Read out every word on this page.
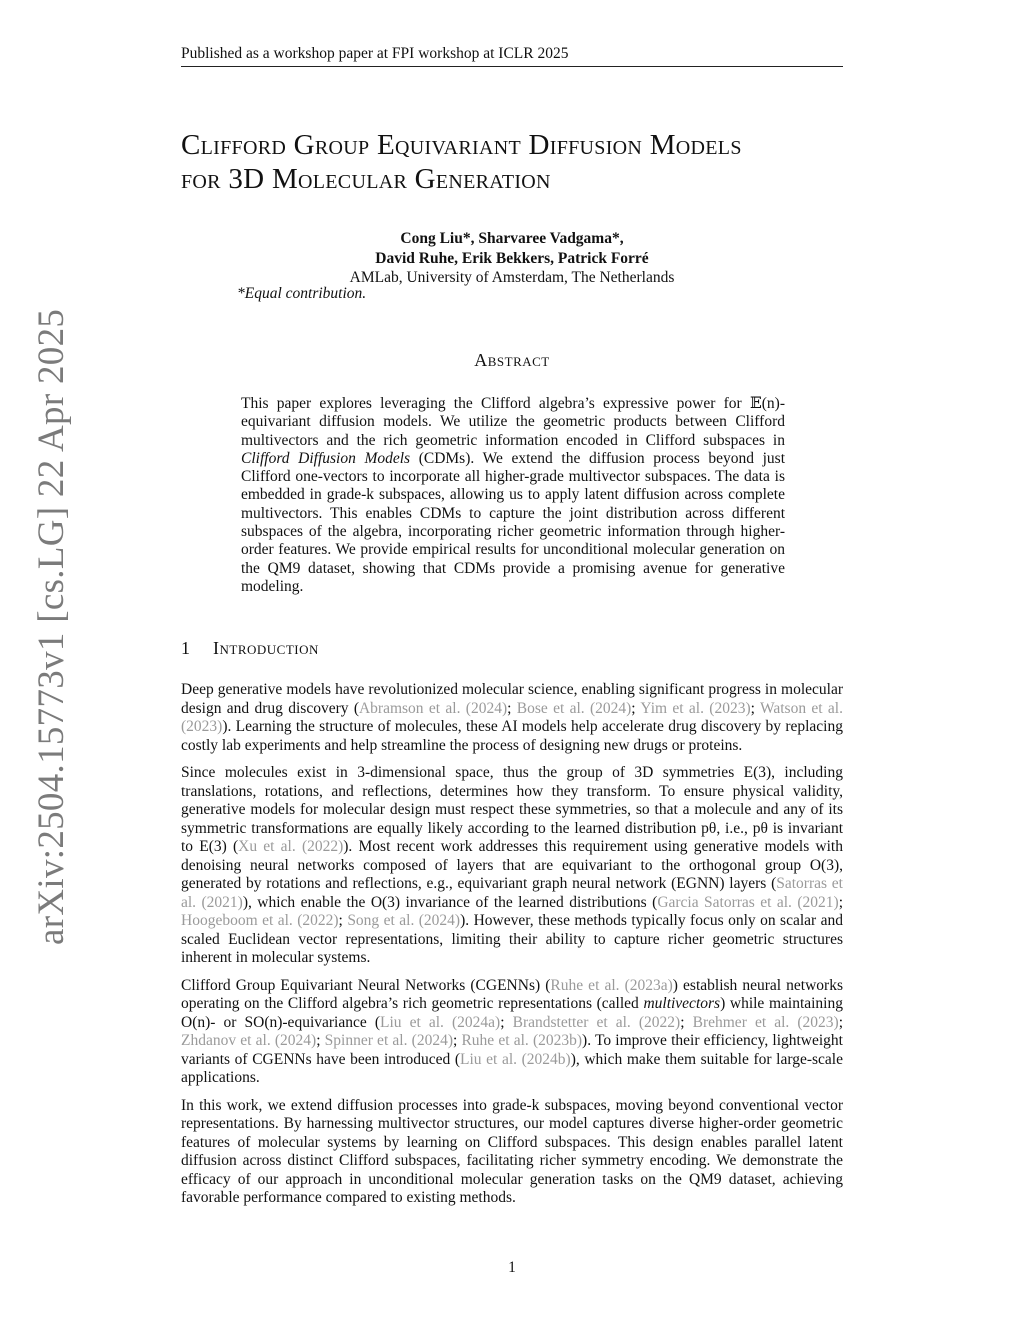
Published as a workshop paper at FPI workshop at ICLR 2025
arXiv:2504.15773v1 [cs.LG] 22 Apr 2025
Clifford Group Equivariant Diffusion Models
for 3D Molecular Generation
Cong Liu*, Sharvaree Vadgama*,
David Ruhe, Erik Bekkers, Patrick Forré
AMLab, University of Amsterdam, The Netherlands
*Equal contribution.
Abstract
This paper explores leveraging the Clifford algebra’s expressive power for 𝔼(n)-equivariant diffusion models. We utilize the geometric products between Clifford multivectors and the rich geometric information encoded in Clifford subspaces in Clifford Diffusion Models (CDMs). We extend the diffusion process beyond just Clifford one-vectors to incorporate all higher-grade multivector subspaces. The data is embedded in grade-k subspaces, allowing us to apply latent diffusion across complete multivectors. This enables CDMs to capture the joint distribution across different subspaces of the algebra, incorporating richer geometric information through higher-order features. We provide empirical results for unconditional molecular generation on the QM9 dataset, showing that CDMs provide a promising avenue for generative modeling.
1 Introduction

Deep generative models have revolutionized molecular science, enabling significant progress in molecular design and drug discovery (Abramson et al. (2024); Bose et al. (2024); Yim et al. (2023); Watson et al. (2023)). Learning the structure of molecules, these AI models help accelerate drug discovery by replacing costly lab experiments and help streamline the process of designing new drugs or proteins.

Since molecules exist in 3-dimensional space, thus the group of 3D symmetries E(3), including translations, rotations, and reflections, determines how they transform. To ensure physical validity, generative models for molecular design must respect these symmetries, so that a molecule and any of its symmetric transformations are equally likely according to the learned distribution pθ, i.e., pθ is invariant to E(3) (Xu et al. (2022)). Most recent work addresses this requirement using generative models with denoising neural networks composed of layers that are equivariant to the orthogonal group O(3), generated by rotations and reflections, e.g., equivariant graph neural network (EGNN) layers (Satorras et al. (2021)), which enable the O(3) invariance of the learned distributions (Garcia Satorras et al. (2021); Hoogeboom et al. (2022); Song et al. (2024)). However, these methods typically focus only on scalar and scaled Euclidean vector representations, limiting their ability to capture richer geometric structures inherent in molecular systems.

Clifford Group Equivariant Neural Networks (CGENNs) (Ruhe et al. (2023a)) establish neural networks operating on the Clifford algebra’s rich geometric representations (called multivectors) while maintaining O(n)- or SO(n)-equivariance (Liu et al. (2024a); Brandstetter et al. (2022); Brehmer et al. (2023); Zhdanov et al. (2024); Spinner et al. (2024); Ruhe et al. (2023b)). To improve their efficiency, lightweight variants of CGENNs have been introduced (Liu et al. (2024b)), which make them suitable for large-scale applications.

In this work, we extend diffusion processes into grade-k subspaces, moving beyond conventional vector representations. By harnessing multivector structures, our model captures diverse higher-order geometric features of molecular systems by learning on Clifford subspaces. This design enables parallel latent diffusion across distinct Clifford subspaces, facilitating richer symmetry encoding. We demonstrate the efficacy of our approach in unconditional molecular generation tasks on the QM9 dataset, achieving favorable performance compared to existing methods.

1
